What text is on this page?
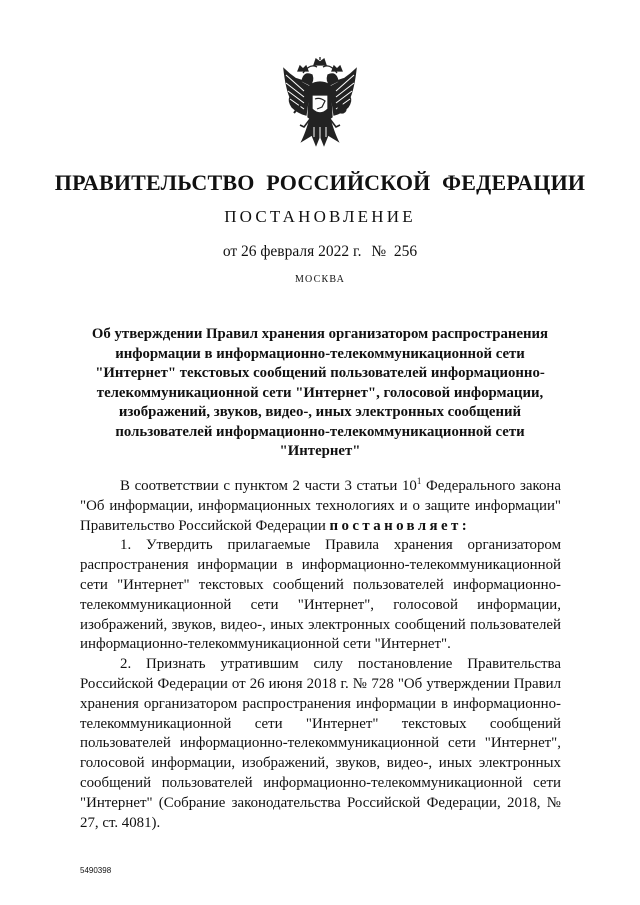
ПРАВИТЕЛЬСТВО РОССИЙСКОЙ ФЕДЕРАЦИИ
ПОСТАНОВЛЕНИЕ
от 26 февраля 2022 г. № 256
МОСКВА
Об утверждении Правил хранения организатором распространения
информации в информационно-телекоммуникационной сети
"Интернет" текстовых сообщений пользователей информационно-
телекоммуникационной сети "Интернет", голосовой информации,
изображений, звуков, видео-, иных электронных сообщений
пользователей информационно-телекоммуникационной сети
"Интернет"

В соответствии с пунктом 2 части 3 статьи $10^1$ Федерального закона "Об информации, информационных технологиях и о защите информации" Правительство Российской Федерации постановляет:

1. Утвердить прилагаемые Правила хранения организатором распространения информации в информационно-телекоммуникационной сети "Интернет" текстовых сообщений пользователей информационно-телекоммуникационной сети "Интернет", голосовой информации, изображений, звуков, видео-, иных электронных сообщений пользователей информационно-телекоммуникационной сети "Интернет".

2. Признать утратившим силу постановление Правительства Российской Федерации от 26 июня 2018 г. № 728 "Об утверждении Правил хранения организатором распространения информации в информационно-телекоммуникационной сети "Интернет" текстовых сообщений пользователей информационно-телекоммуникационной сети "Интернет", голосовой информации, изображений, звуков, видео-, иных электронных сообщений пользователей информационно-телекоммуникационной сети "Интернет" (Собрание законодательства Российской Федерации, 2018, № 27, ст. 4081).

5490398
